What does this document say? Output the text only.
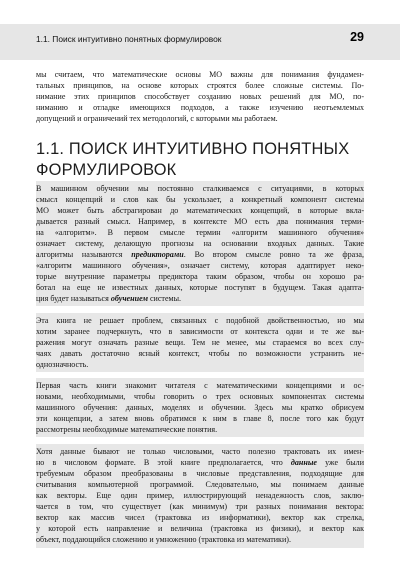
1.1. Поиск интуитивно понятных формулировок	29
мы считаем, что математические основы МО важны для понимания фундамен-
тальных принципов, на основе которых строятся более сложные системы. По-
нимание этих принципов способствует созданию новых решений для МО, по-
ниманию и отладке имеющихся подходов, а также изучению неотъемлемых
допущений и ограничений тех методологий, с которыми мы работаем.
1.1. ПОИСК ИНТУИТИВНО ПОНЯТНЫХ
ФОРМУЛИРОВОК
В машинном обучении мы постоянно сталкиваемся с ситуациями, в которых
смысл концепций и слов как бы ускользает, а конкретный компонент системы
МО может быть абстрагирован до математических концепций, в которые вкла-
дывается разный смысл. Например, в контексте МО есть два понимания терми-
на «алгоритм». В первом смысле термин «алгоритм машинного обучения»
означает систему, делающую прогнозы на основании входных данных. Такие
алгоритмы называются предикторами. Во втором смысле ровно та же фраза,
«алгоритм машинного обучения», означает систему, которая адаптирует неко-
торые внутренние параметры предиктора таким образом, чтобы он хорошо ра-
ботал на еще не известных данных, которые поступят в будущем. Такая адапта-
ция будет называться обучением системы.
Эта книга не решает проблем, связанных с подобной двойственностью, но мы
хотим заранее подчеркнуть, что в зависимости от контекста одни и те же вы-
ражения могут означать разные вещи. Тем не менее, мы стараемся во всех слу-
чаях давать достаточно ясный контекст, чтобы по возможности устранить не-
однозначность.
Первая часть книги знакомит читателя с математическими концепциями и ос-
новами, необходимыми, чтобы говорить о трех основных компонентах системы
машинного обучения: данных, моделях и обучении. Здесь мы кратко обрисуем
эти концепции, а затем вновь обратимся к ним в главе 8, после того как будут
рассмотрены необходимые математические понятия.
Хотя данные бывают не только числовыми, часто полезно трактовать их имен-
но в числовом формате. В этой книге предполагается, что данные уже были
требуемым образом преобразованы в числовые представления, подходящие для
считывания компьютерной программой. Следовательно, мы понимаем данные
как векторы. Еще один пример, иллюстрирующий ненадежность слов, заклю-
чается в том, что существует (как минимум) три разных понимания вектора:
вектор как массив чисел (трактовка из информатики), вектор как стрелка,
у которой есть направление и величина (трактовка из физики), и вектор как
объект, поддающийся сложению и умножению (трактовка из математики).
